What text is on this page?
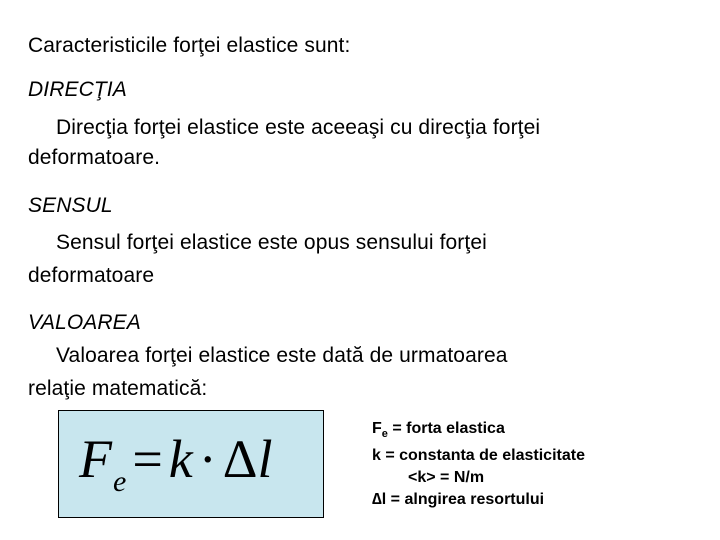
Caracteristicile forţei elastice sunt:
DIRECŢIA
Direcţia forţei elastice este aceeaşi cu direcţia forţei
deformatoare.
SENSUL
Sensul forţei elastice este opus sensului forţei
deformatoare
VALOAREA
Valoarea forţei elastice este dată de urmatoarea
relaţie matematică:
$F_e = k \cdot \Delta l$
$F_e$ = forta elastica
k = constanta de elasticitate
<k> = N/m
∆l = alngirea resortului
